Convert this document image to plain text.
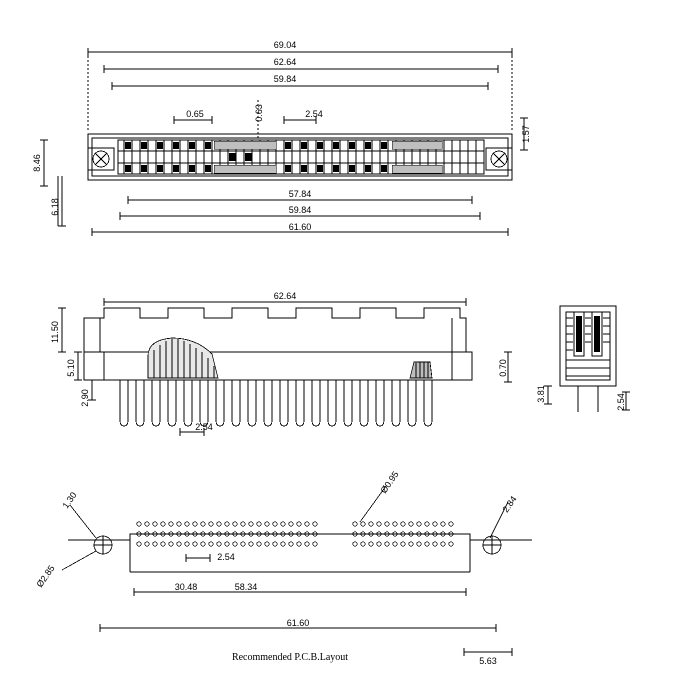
69.04
62.64
59.84
0.65	0.63	2.54
1.57
8.46
6.18
57.84
59.84
61.60
62.64
11.50
5.10
2.90
2.54
0.70
3.81	2.54
1.30
Ø0.95
2.84
2.54
Ø2.85	30.48	58.34
61.60
5.63
Recommended P.C.B.Layout
